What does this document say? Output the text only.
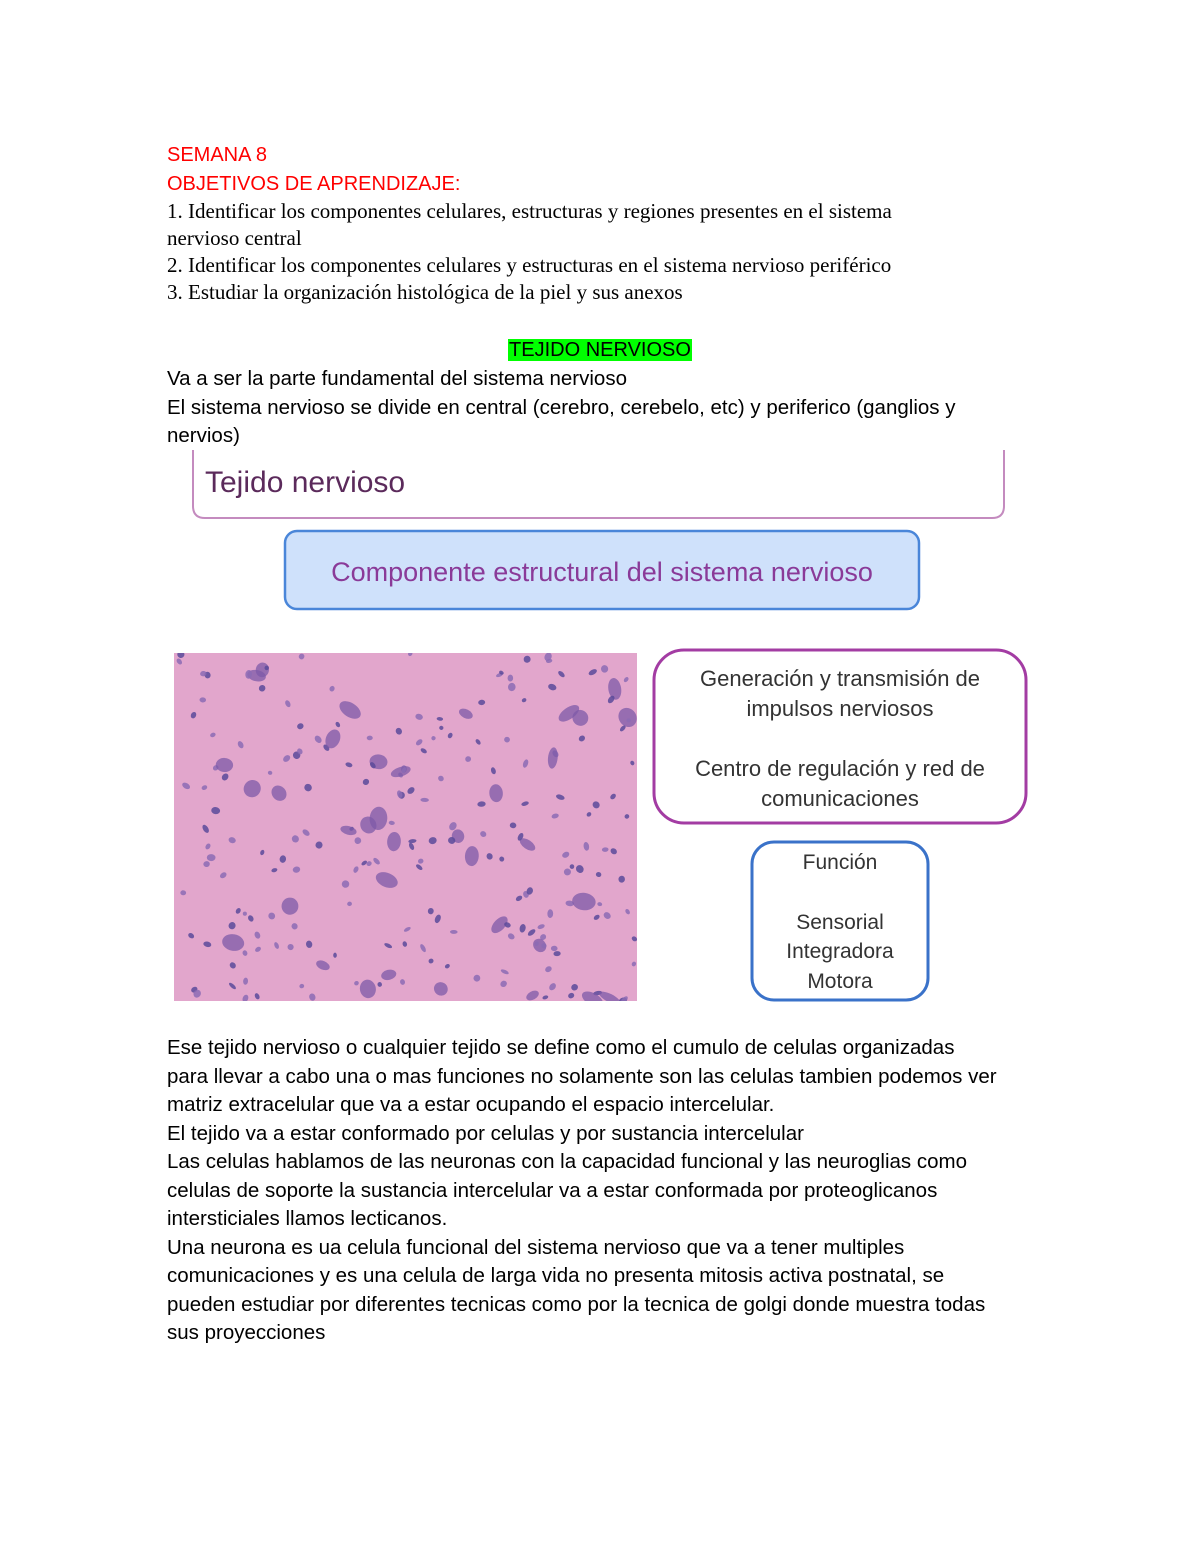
SEMANA 8
OBJETIVOS DE APRENDIZAJE:
1. Identificar los componentes celulares, estructuras y regiones presentes en el sistema
nervioso central
2. Identificar los componentes celulares y estructuras en el sistema nervioso periférico
3. Estudiar la organización histológica de la piel y sus anexos
TEJIDO NERVIOSO
Va a ser la parte fundamental del sistema nervioso
El sistema nervioso se divide en central (cerebro, cerebelo, etc) y periferico (ganglios y
nervios)
Tejido nervioso
Componente estructural del sistema nervioso
Generación y transmisión de
impulsos nerviosos
Centro de regulación y red de
comunicaciones
Función
Sensorial
Integradora
Motora
Ese tejido nervioso o cualquier tejido se define como el cumulo de celulas organizadas
para llevar a cabo una o mas funciones no solamente son las celulas tambien podemos ver
matriz extracelular que va a estar ocupando el espacio intercelular.
El tejido va a estar conformado por celulas y por sustancia intercelular
Las celulas hablamos de las neuronas con la capacidad funcional y las neuroglias como
celulas de soporte la sustancia intercelular va a estar conformada por proteoglicanos
intersticiales llamos lecticanos.
Una neurona es ua celula funcional del sistema nervioso que va a tener multiples
comunicaciones y es una celula de larga vida no presenta mitosis activa postnatal, se
pueden estudiar por diferentes tecnicas como por la tecnica de golgi donde muestra todas
sus proyecciones
